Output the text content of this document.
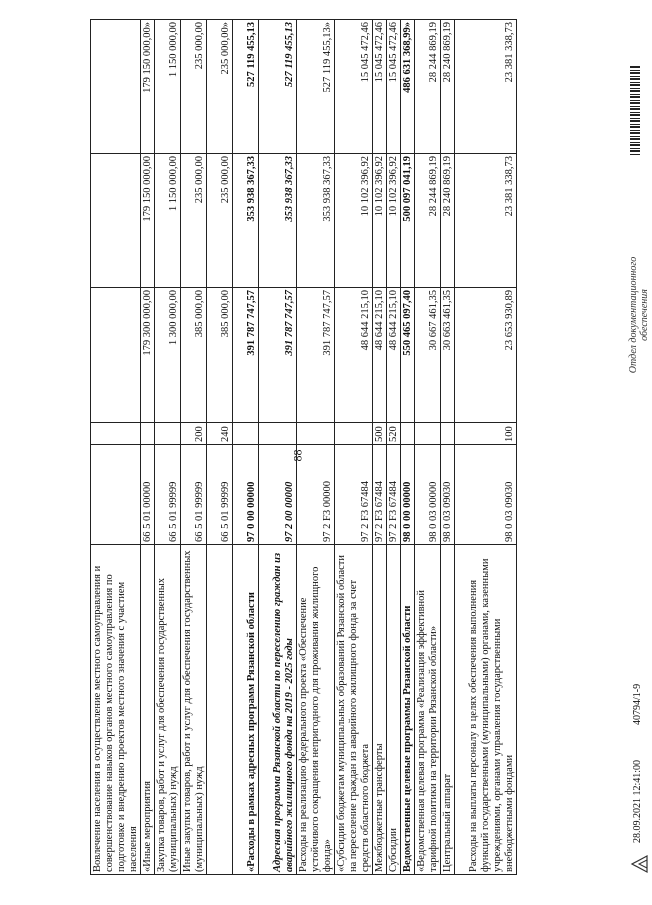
88
Вовлечение населения в осуществление местного самоуправления и совершенствование навыков органов местного самоуправления по подготовке и внедрению проектов местного значения с участием населения					
«Иные мероприятия	66 5 01 00000		179 300 000,00	179 150 000,00	179 150 000,00»
Закупка товаров, работ и услуг для обеспечения государственных (муниципальных) нужд	66 5 01 99999		1 300 000,00	1 150 000,00	1 150 000,00
Иные закупки товаров, работ и услуг для обеспечения государственных (муниципальных) нужд	66 5 01 99999	200	385 000,00	235 000,00	235 000,00
	66 5 01 99999	240	385 000,00	235 000,00	235 000,00»
«Расходы в рамках адресных программ Рязанской области	97 0 00 00000		391 787 747,57	353 938 367,33	527 119 455,13
Адресная программа Рязанской области по переселению граждан из аварийного жилищного фонда на 2019 - 2025 годы	97 2 00 00000		391 787 747,57	353 938 367,33	527 119 455,13
Расходы на реализацию федерального проекта «Обеспечение устойчивого сокращения непригодного для проживания жилищного фонда»	97 2 F3 00000		391 787 747,57	353 938 367,33	527 119 455,13»
«Субсидии бюджетам муниципальных образований Рязанской области на переселение граждан из аварийного жилищного фонда за счет средств областного бюджета	97 2 F3 67484		48 644 215,10	10 102 396,92	15 045 472,46
Межбюджетные трансферты	97 2 F3 67484	500	48 644 215,10	10 102 396,92	15 045 472,46
Субсидии	97 2 F3 67484	520	48 644 215,10	10 102 396,92	15 045 472,46
Ведомственные целевые программы Рязанской области	98 0 00 00000		550 465 097,40	500 097 041,19	486 631 368,99»
«Ведомственная целевая программа «Реализация эффективной тарифной политики на территории Рязанской области»	98 0 03 00000		30 667 461,35	28 244 869,19	28 244 869,19
Центральный аппарат	98 0 03 09030		30 663 461,35	28 240 869,19	28 240 869,19
Расходы на выплаты персоналу в целях обеспечения выполнения функций государственными (муниципальными) органами, казенными учреждениями, органами управления государственными внебюджетными фондами	98 0 03 09030	100	23 653 930,89	23 381 338,73	23 381 338,73
28.09.2021 12:41:00
40794/1-9
Отдел документационного обеспечения
